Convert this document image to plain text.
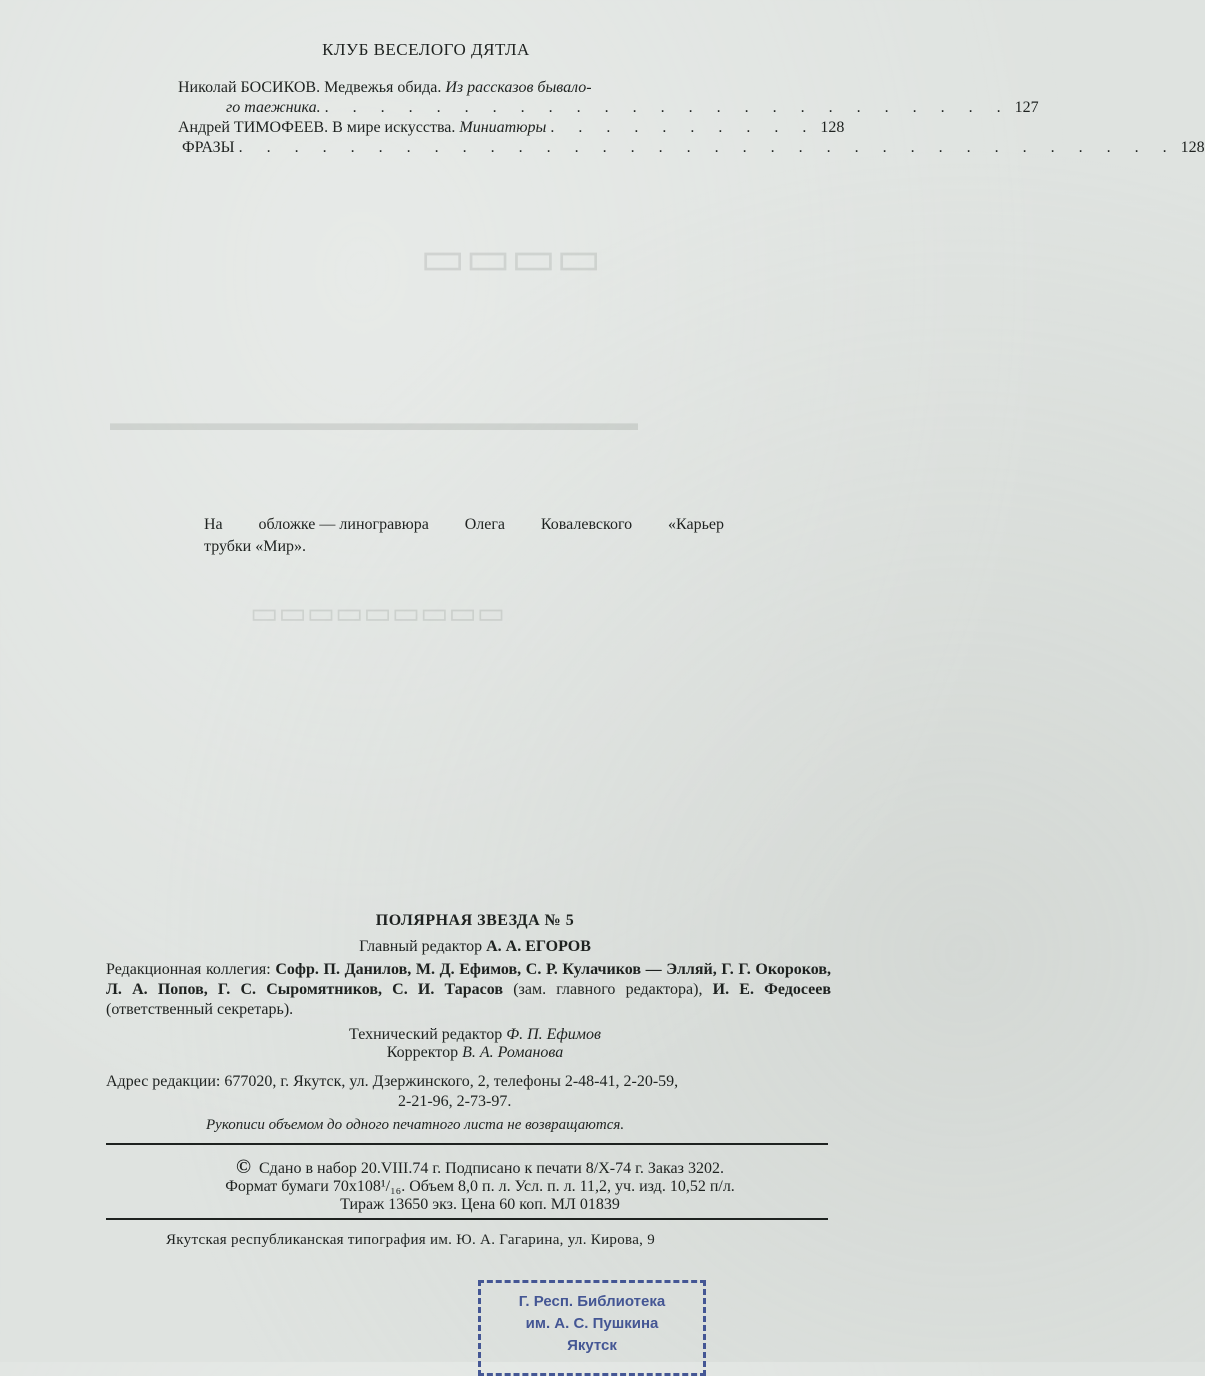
▭▭▭▭
▬▬▬▬▬▬▬▬▬▬▬▬▬▬▬▬▬▬▬▬▬▬▬▬
▭▭▭▭▭▭▭▭▭
КЛУБ ВЕСЕЛОГО ДЯТЛА
Николай БОСИКОВ.
Медвежья обида.
Из рассказов бывало-
го таежника. . . . . . . . . . . . . . . . . . . . . . . . . . 127
Андрей ТИМОФЕЕВ.
В мире искусства.
Миниатюры . . . . . . . . . . 128
ФРАЗЫ . . . . . . . . . . . . . . . . . . . . . . . . . . . . . . . . . . 128
На обложке — линогравюра Олега Ковалевского «Карьер
трубки «Мир».
ПОЛЯРНАЯ ЗВЕЗДА № 5
Главный редактор А. А. ЕГОРОВ
Редакционная коллегия: Софр. П. Данилов, М. Д. Ефимов, С. Р. Кулачиков — Элляй, Г. Г. Окороков, Л. А. Попов, Г. С. Сыромятников, С. И. Тарасов (зам. главного редактора), И. Е. Федосеев (ответственный секретарь).
Технический редактор Ф. П. Ефимов
Корректор В. А. Романова
Адрес редакции: 677020, г. Якутск, ул. Дзержинского, 2, телефоны 2-48-41, 2-20-59,
2-21-96, 2-73-97.
Рукописи объемом до одного печатного листа не возвращаются.
© Сдано в набор 20.VIII.74 г. Подписано к печати 8/X-74 г. Заказ 3202.
Формат бумаги 70x108¹/₁₆. Объем 8,0 п. л. Усл. п. л. 11,2, уч. изд. 10,52 п/л.
Тираж 13650 экз. Цена 60 коп. МЛ 01839
Якутская республиканская типография им. Ю. А. Гагарина, ул. Кирова, 9
Г. Респ. Библиотека
им. А. С. Пушкина
Якутск
